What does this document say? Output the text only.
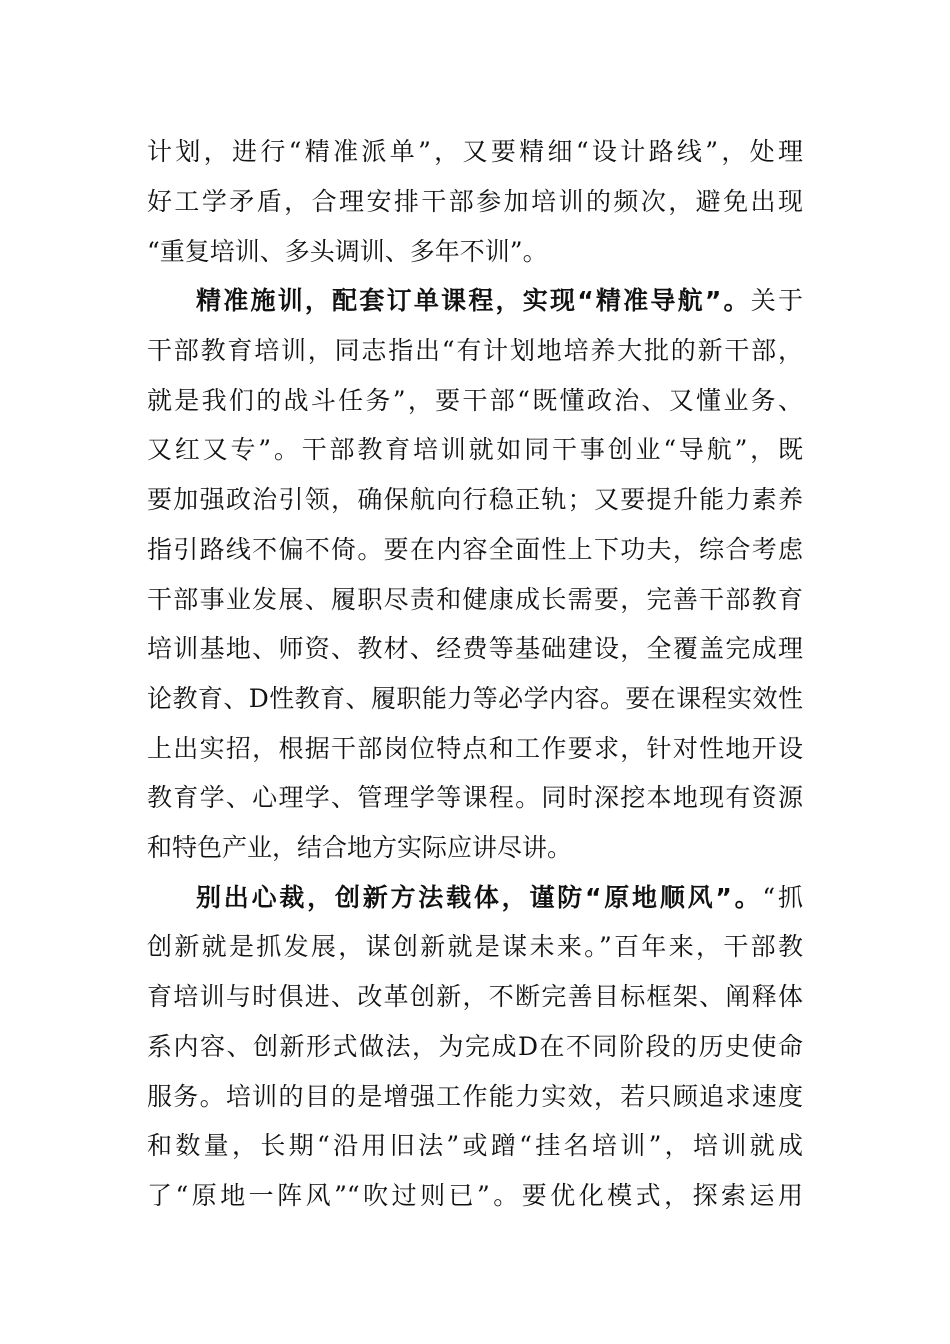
计划，进行“精准派单”，又要精细“设计路线”，处理
好工学矛盾，合理安排干部参加培训的频次，避免出现
“重复培训、多头调训、多年不训”。
精准施训，配套订单课程，实现“精准导航”。关于
干部教育培训，同志指出“有计划地培养大批的新干部，
就是我们的战斗任务”，要干部“既懂政治、又懂业务、
又红又专”。干部教育培训就如同干事创业“导航”，既
要加强政治引领，确保航向行稳正轨；又要提升能力素养
指引路线不偏不倚。要在内容全面性上下功夫，综合考虑
干部事业发展、履职尽责和健康成长需要，完善干部教育
培训基地、师资、教材、经费等基础建设，全覆盖完成理
论教育、D性教育、履职能力等必学内容。要在课程实效性
上出实招，根据干部岗位特点和工作要求，针对性地开设
教育学、心理学、管理学等课程。同时深挖本地现有资源
和特色产业，结合地方实际应讲尽讲。
别出心裁，创新方法载体，谨防“原地顺风”。“抓
创新就是抓发展，谋创新就是谋未来。”百年来，干部教
育培训与时俱进、改革创新，不断完善目标框架、阐释体
系内容、创新形式做法，为完成D在不同阶段的历史使命
服务。培训的目的是增强工作能力实效，若只顾追求速度
和数量，长期“沿用旧法”或蹭“挂名培训”，培训就成
了“原地一阵风”“吹过则已”。要优化模式，探索运用
